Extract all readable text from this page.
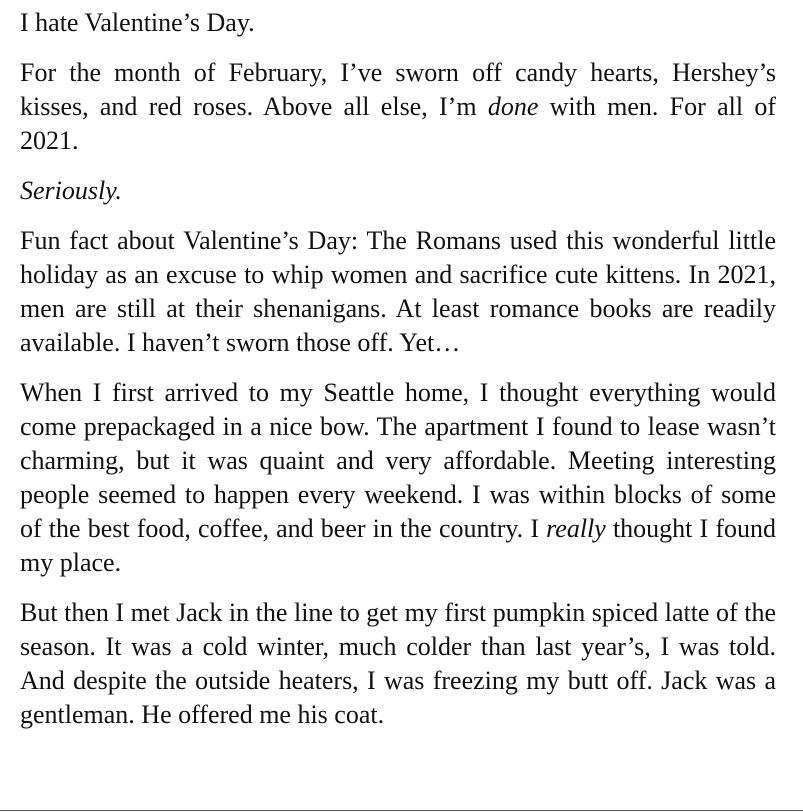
I hate Valentine’s Day.

For the month of February, I’ve sworn off candy hearts, Hershey’s kisses, and red roses. Above all else, I’m done with men. For all of 2021.

Seriously.

Fun fact about Valentine’s Day: The Romans used this wonderful little holiday as an excuse to whip women and sacrifice cute kittens. In 2021, men are still at their shenanigans. At least romance books are readily available. I haven’t sworn those off. Yet…

When I first arrived to my Seattle home, I thought everything would come prepackaged in a nice bow. The apartment I found to lease wasn’t charming, but it was quaint and very affordable. Meeting interesting people seemed to happen every weekend. I was within blocks of some of the best food, coffee, and beer in the country. I really thought I found my place.

But then I met Jack in the line to get my first pumpkin spiced latte of the season. It was a cold winter, much colder than last year’s, I was told. And despite the outside heaters, I was freezing my butt off. Jack was a gentleman. He offered me his coat.
